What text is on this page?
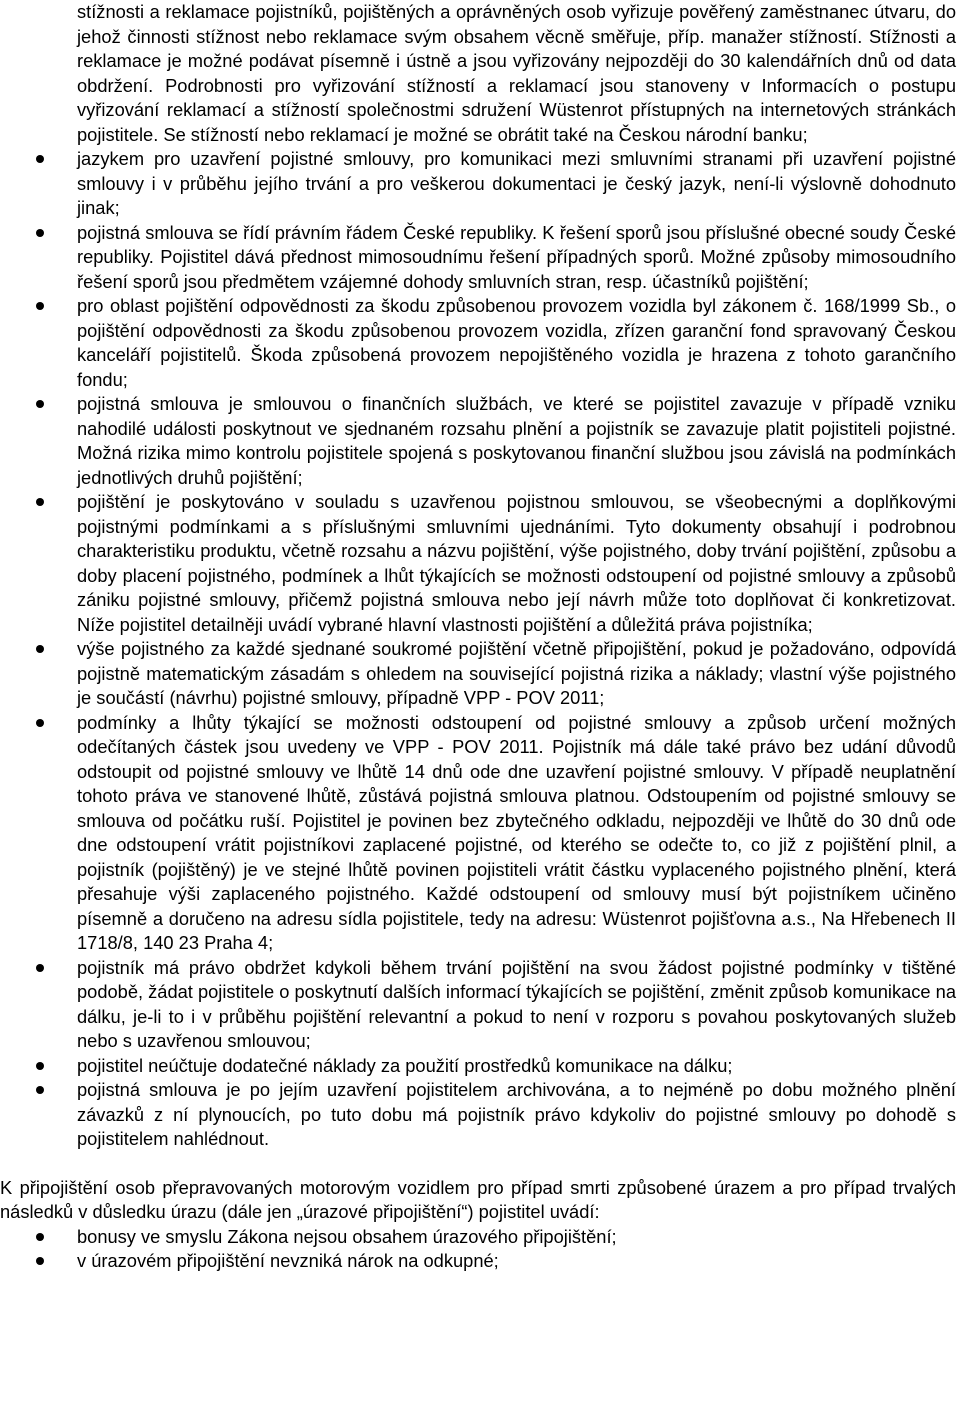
stížnosti a reklamace pojistníků, pojištěných a oprávněných osob vyřizuje pověřený zaměstnanec útvaru, do jehož činnosti stížnost nebo reklamace svým obsahem věcně směřuje, příp. manažer stížností. Stížnosti a reklamace je možné podávat písemně i ústně a jsou vyřizovány nejpozději do 30 kalendářních dnů od data obdržení. Podrobnosti pro vyřizování stížností a reklamací jsou stanoveny v Informacích o postupu vyřizování reklamací a stížností společnostmi sdružení Wüstenrot přístupných na internetových stránkách pojistitele. Se stížností nebo reklamací je možné se obrátit také na Českou národní banku;
jazykem pro uzavření pojistné smlouvy, pro komunikaci mezi smluvními stranami při uzavření pojistné smlouvy i v průběhu jejího trvání a pro veškerou dokumentaci je český jazyk, není-li výslovně dohodnuto jinak;
pojistná smlouva se řídí právním řádem České republiky. K řešení sporů jsou příslušné obecné soudy České republiky. Pojistitel dává přednost mimosoudnímu řešení případných sporů. Možné způsoby mimosoudního řešení sporů jsou předmětem vzájemné dohody smluvních stran, resp. účastníků pojištění;
pro oblast pojištění odpovědnosti za škodu způsobenou provozem vozidla byl zákonem č. 168/1999 Sb., o pojištění odpovědnosti za škodu způsobenou provozem vozidla, zřízen garanční fond spravovaný Českou kanceláří pojistitelů. Škoda způsobená provozem nepojištěného vozidla je hrazena z tohoto garančního fondu;
pojistná smlouva je smlouvou o finančních službách, ve které se pojistitel zavazuje v případě vzniku nahodilé události poskytnout ve sjednaném rozsahu plnění a pojistník se zavazuje platit pojistiteli pojistné. Možná rizika mimo kontrolu pojistitele spojená s poskytovanou finanční službou jsou závislá na podmínkách jednotlivých druhů pojištění;
pojištění je poskytováno v souladu s uzavřenou pojistnou smlouvou, se všeobecnými a doplňkovými pojistnými podmínkami a s příslušnými smluvními ujednáními. Tyto dokumenty obsahují i podrobnou charakteristiku produktu, včetně rozsahu a názvu pojištění, výše pojistného, doby trvání pojištění, způsobu a doby placení pojistného, podmínek a lhůt týkajících se možnosti odstoupení od pojistné smlouvy a způsobů zániku pojistné smlouvy, přičemž pojistná smlouva nebo její návrh může toto doplňovat či konkretizovat. Níže pojistitel detailněji uvádí vybrané hlavní vlastnosti pojištění a důležitá práva pojistníka;
výše pojistného za každé sjednané soukromé pojištění včetně připojištění, pokud je požadováno, odpovídá pojistně matematickým zásadám s ohledem na související pojistná rizika a náklady; vlastní výše pojistného je součástí (návrhu) pojistné smlouvy, případně VPP - POV 2011;
podmínky a lhůty týkající se možnosti odstoupení od pojistné smlouvy a způsob určení možných odečítaných částek jsou uvedeny ve VPP - POV 2011. Pojistník má dále také právo bez udání důvodů odstoupit od pojistné smlouvy ve lhůtě 14 dnů ode dne uzavření pojistné smlouvy. V případě neuplatnění tohoto práva ve stanovené lhůtě, zůstává pojistná smlouva platnou. Odstoupením od pojistné smlouvy se smlouva od počátku ruší. Pojistitel je povinen bez zbytečného odkladu, nejpozději ve lhůtě do 30 dnů ode dne odstoupení vrátit pojistníkovi zaplacené pojistné, od kterého se odečte to, co již z pojištění plnil, a pojistník (pojištěný) je ve stejné lhůtě povinen pojistiteli vrátit částku vyplaceného pojistného plnění, která přesahuje výši zaplaceného pojistného. Každé odstoupení od smlouvy musí být pojistníkem učiněno písemně a doručeno na adresu sídla pojistitele, tedy na adresu: Wüstenrot pojišťovna a.s., Na Hřebenech II 1718/8, 140 23 Praha 4;
pojistník má právo obdržet kdykoli během trvání pojištění na svou žádost pojistné podmínky v tištěné podobě, žádat pojistitele o poskytnutí dalších informací týkajících se pojištění, změnit způsob komunikace na dálku, je-li to i v průběhu pojištění relevantní a pokud to není v rozporu s povahou poskytovaných služeb nebo s uzavřenou smlouvou;
pojistitel neúčtuje dodatečné náklady za použití prostředků komunikace na dálku;
pojistná smlouva je po jejím uzavření pojistitelem archivována, a to nejméně po dobu možného plnění závazků z ní plynoucích, po tuto dobu má pojistník právo kdykoliv do pojistné smlouvy po dohodě s pojistitelem nahlédnout.

K připojištění osob přepravovaných motorovým vozidlem pro případ smrti způsobené úrazem a pro případ trvalých následků v důsledku úrazu (dále jen „úrazové připojištění“) pojistitel uvádí:

bonusy ve smyslu Zákona nejsou obsahem úrazového připojištění;
v úrazovém připojištění nevzniká nárok na odkupné;
